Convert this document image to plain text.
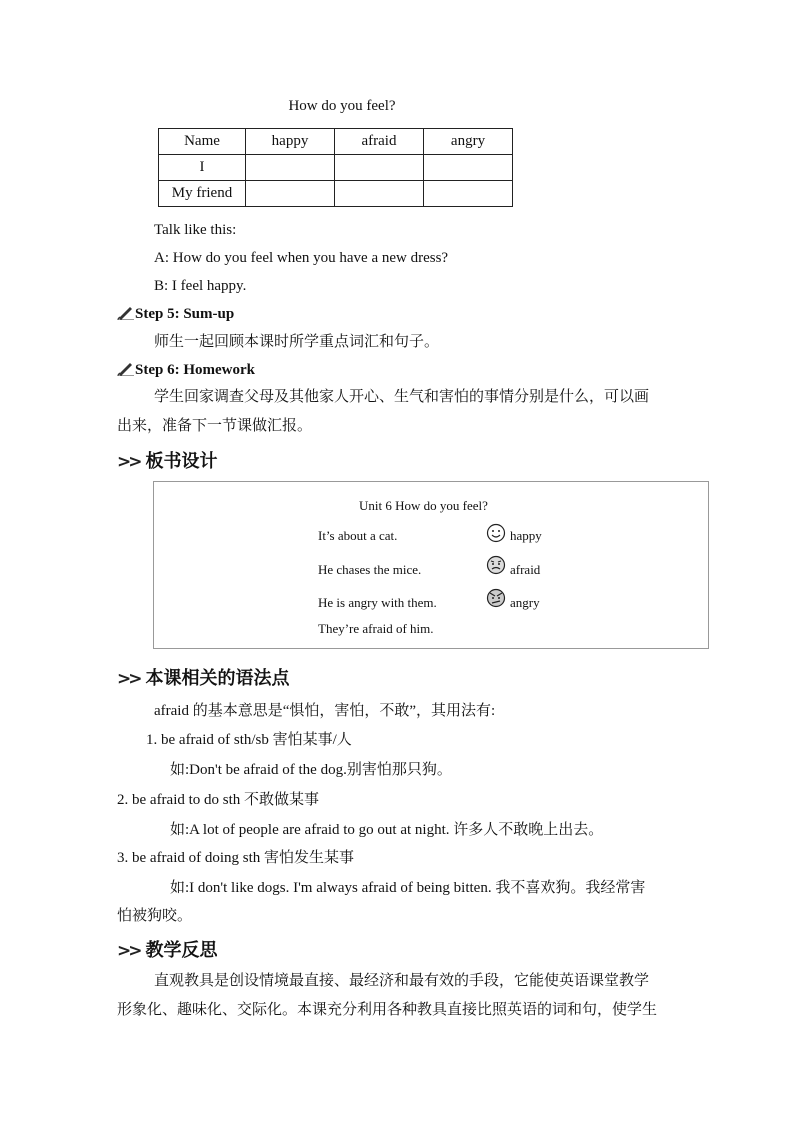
How do you feel?
Name	happy	afraid	angry
I			
My friend			
Talk like this:
A: How do you feel when you have a new dress?
B: I feel happy.
Step 5: Sum-up
师生一起回顾本课时所学重点词汇和句子。
Step 6: Homework
学生回家调查父母及其他家人开心、生气和害怕的事情分别是什么，可以画
出来，准备下一节课做汇报。
>> 板书设计
Unit 6 How do you feel?
It’s about a cat.
He chases the mice.
He is angry with them.
They’re afraid of him.
happy
afraid
angry
>> 本课相关的语法点
afraid 的基本意思是“惧怕，害怕，不敢”，其用法有:
1. be afraid of sth/sb 害怕某事/人
如:Don't be afraid of the dog.别害怕那只狗。
2. be afraid to do sth 不敢做某事
如:A lot of people are afraid to go out at night. 许多人不敢晚上出去。
3. be afraid of doing sth 害怕发生某事
如:I don't like dogs. I'm always afraid of being bitten. 我不喜欢狗。我经常害
怕被狗咬。
>> 教学反思
直观教具是创设情境最直接、最经济和最有效的手段，它能使英语课堂教学
形象化、趣味化、交际化。本课充分利用各种教具直接比照英语的词和句，使学生
